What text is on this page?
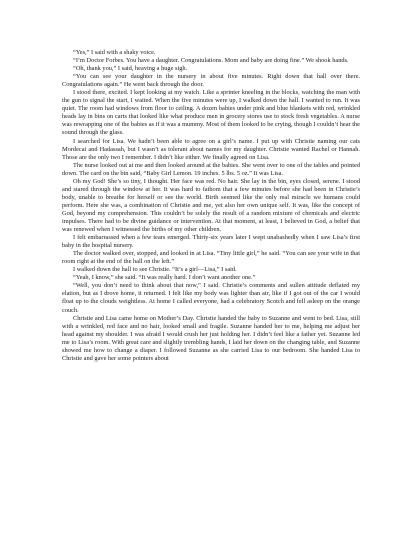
“Yes,” I said with a shaky voice.

“I’m Doctor Forbes. You have a daughter. Congratulations. Mom and baby are doing fine.” We shook hands.

“Oh, thank you,” I said, heaving a huge sigh.

“You can see your daughter in the nursery in about five minutes. Right down that hall over there. Congratulations again.” He went back through the door.

I stood there, excited. I kept looking at my watch. Like a sprinter kneeling in the blocks, watching the man with the gun to signal the start, I waited. When the five minutes were up, I walked down the hall. I wanted to run. It was quiet. The room had windows from floor to ceiling. A dozen babies under pink and blue blankets with red, wrinkled heads lay in bins on carts that looked like what produce men in grocery stores use to stock fresh vegetables. A nurse was rewrapping one of the babies as if it was a mummy. Most of them looked to be crying, though I couldn’t hear the sound through the glass.

I searched for Lisa. We hadn’t been able to agree on a girl’s name. I put up with Christie naming our cats Mordecai and Hadassah, but I wasn’t as tolerant about names for my daughter. Christie wanted Rachel or Hannah. Those are the only two I remember. I didn’t like either. We finally agreed on Lisa.

The nurse looked out at me and then looked around at the babies. She went over to one of the tables and pointed down. The card on the bin said, “Baby Girl Lemon. 19 inches. 5 lbs. 5 oz.” It was Lisa.

Oh my God! She’s so tiny, I thought. Her face was red. No hair. She lay in the bin, eyes closed, serene. I stood and stared through the window at her. It was hard to fathom that a few minutes before she had been in Christie’s body, unable to breathe for herself or see the world. Birth seemed like the only real miracle we humans could perform. Here she was, a combination of Christie and me, yet also her own unique self. It was, like the concept of God, beyond my comprehension. This couldn’t be solely the result of a random mixture of chemicals and electric impulses. There had to be divine guidance or intervention. At that moment, at least, I believed in God, a belief that was renewed when I witnessed the births of my other children.

I felt embarrassed when a few tears emerged. Thirty-six years later I wept unabashedly when I saw Lisa’s first baby in the hospital nursery.

The doctor walked over, stopped, and looked in at Lisa. “Tiny little girl,” he said. “You can see your wife in that room right at the end of the hall on the left.”

I walked down the hall to see Christie. “It’s a girl—Lisa,” I said.

“Yeah, I know,” she said. “It was really hard. I don’t want another one.”

“Well, you don’t need to think about that now,” I said. Christie’s comments and sullen attitude deflated my elation, but as I drove home, it returned. I felt like my body was lighter than air, like if I got out of the car I would float up to the clouds weightless. At home I called everyone, had a celebratory Scotch and fell asleep on the orange couch.

Christie and Lisa came home on Mother’s Day. Christie handed the baby to Suzanne and went to bed. Lisa, still with a wrinkled, red face and no hair, looked small and fragile. Suzanne handed her to me, helping me adjust her head against my shoulder. I was afraid I would crush her just holding her. I didn’t feel like a father yet. Suzanne led me to Lisa’s room. With great care and slightly trembling hands, I laid her down on the changing table, and Suzanne showed me how to change a diaper. I followed Suzanne as she carried Lisa to our bedroom. She handed Lisa to Christie and gave her some pointers about
